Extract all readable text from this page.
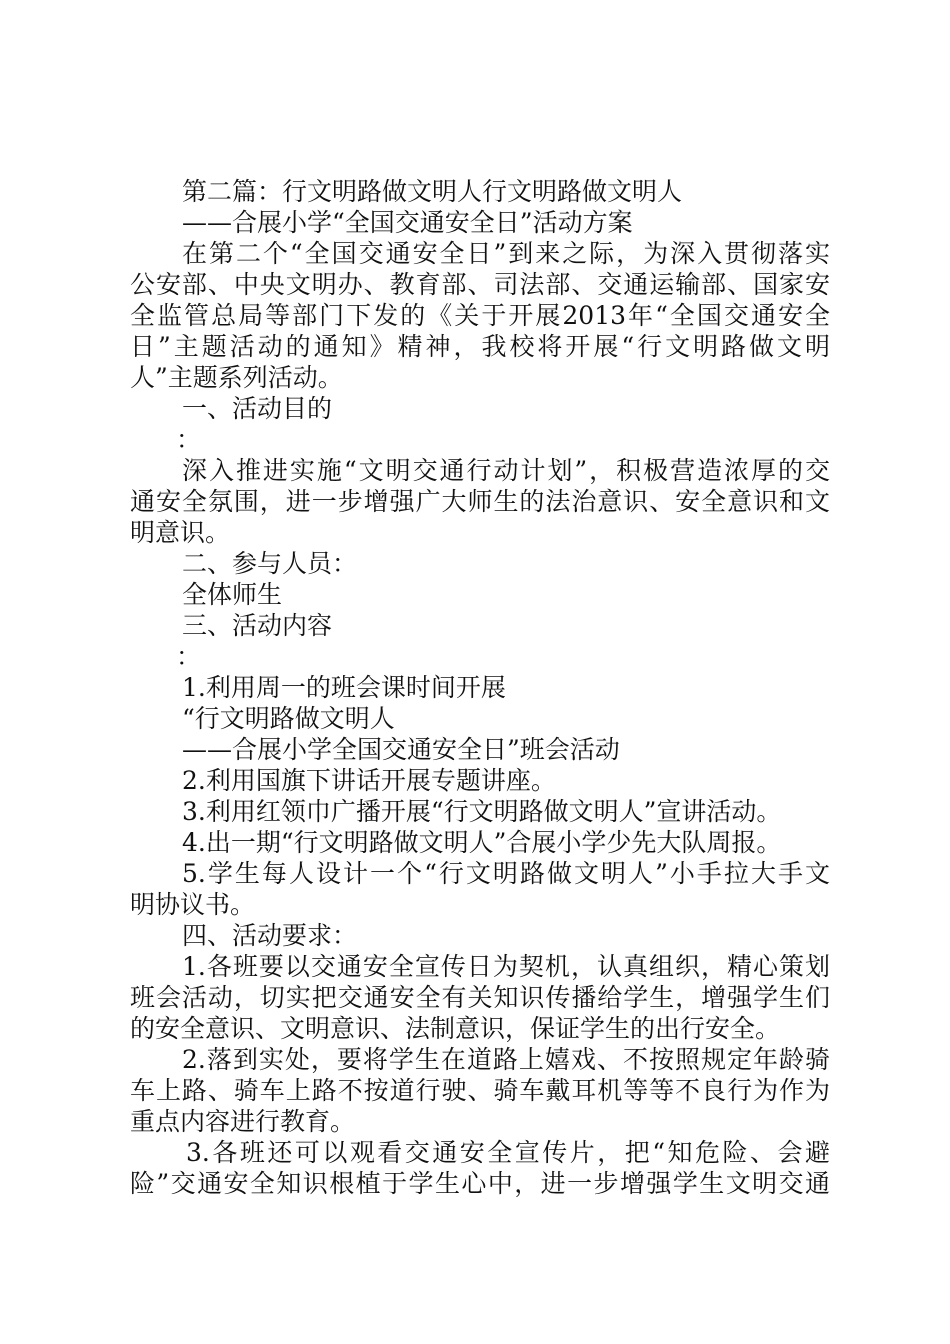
第二篇：行文明路做文明人行文明路做文明人

——合展小学“全国交通安全日”活动方案

在第二个“全国交通安全日”到来之际，为深入贯彻落实

公安部、中央文明办、教育部、司法部、交通运输部、国家安

全监管总局等部门下发的《关于开展2013年“全国交通安全

日”主题活动的通知》精神，我校将开展“行文明路做文明

人”主题系列活动。

一、活动目的

：

深入推进实施“文明交通行动计划”，积极营造浓厚的交

通安全氛围，进一步增强广大师生的法治意识、安全意识和文

明意识。

二、参与人员：

全体师生

三、活动内容

：

1.利用周一的班会课时间开展

“行文明路做文明人

——合展小学全国交通安全日”班会活动

2.利用国旗下讲话开展专题讲座。

3.利用红领巾广播开展“行文明路做文明人”宣讲活动。

4.出一期“行文明路做文明人”合展小学少先大队周报。

5.学生每人设计一个“行文明路做文明人”小手拉大手文

明协议书。

四、活动要求：

1.各班要以交通安全宣传日为契机，认真组织，精心策划

班会活动，切实把交通安全有关知识传播给学生，增强学生们

的安全意识、文明意识、法制意识，保证学生的出行安全。

2.落到实处，要将学生在道路上嬉戏、不按照规定年龄骑

车上路、骑车上路不按道行驶、骑车戴耳机等等不良行为作为

重点内容进行教育。

3.各班还可以观看交通安全宣传片，把“知危险、会避

险”交通安全知识根植于学生心中，进一步增强学生文明交通
